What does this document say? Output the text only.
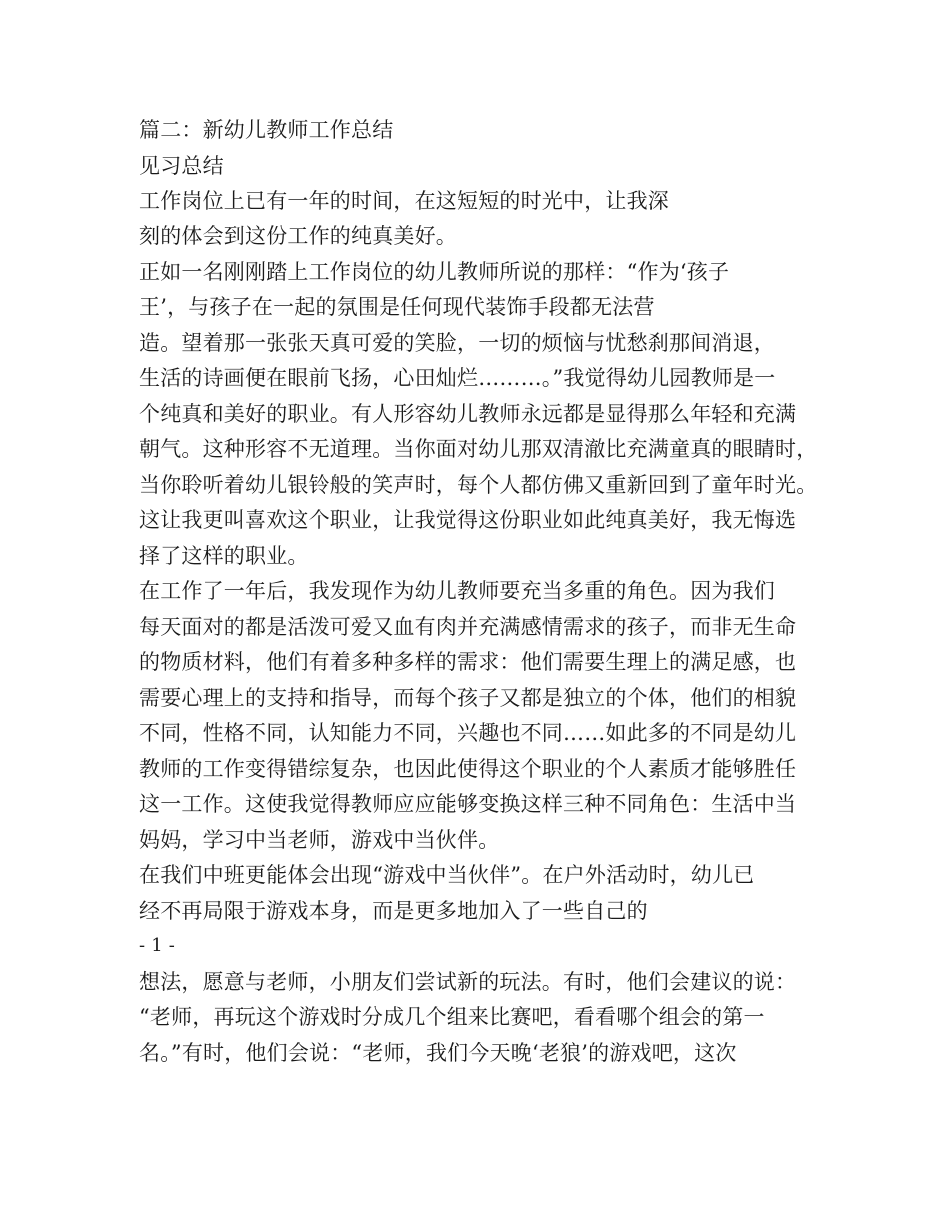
篇二：新幼儿教师工作总结
见习总结
工作岗位上已有一年的时间，在这短短的时光中，让我深
刻的体会到这份工作的纯真美好。
正如一名刚刚踏上工作岗位的幼儿教师所说的那样：“作为‘孩子
王’，与孩子在一起的氛围是任何现代装饰手段都无法营
造。望着那一张张天真可爱的笑脸，一切的烦恼与忧愁刹那间消退，
生活的诗画便在眼前飞扬，心田灿烂………。”我觉得幼儿园教师是一
个纯真和美好的职业。有人形容幼儿教师永远都是显得那么年轻和充满
朝气。这种形容不无道理。当你面对幼儿那双清澈比充满童真的眼睛时，
当你聆听着幼儿银铃般的笑声时，每个人都仿佛又重新回到了童年时光。
这让我更叫喜欢这个职业，让我觉得这份职业如此纯真美好，我无悔选
择了这样的职业。
在工作了一年后，我发现作为幼儿教师要充当多重的角色。因为我们
每天面对的都是活泼可爱又血有肉并充满感情需求的孩子，而非无生命
的物质材料，他们有着多种多样的需求：他们需要生理上的满足感，也
需要心理上的支持和指导，而每个孩子又都是独立的个体，他们的相貌
不同，性格不同，认知能力不同，兴趣也不同……如此多的不同是幼儿
教师的工作变得错综复杂，也因此使得这个职业的个人素质才能够胜任
这一工作。这使我觉得教师应应能够变换这样三种不同角色：生活中当
妈妈，学习中当老师，游戏中当伙伴。
在我们中班更能体会出现“游戏中当伙伴”。在户外活动时，幼儿已
经不再局限于游戏本身，而是更多地加入了一些自己的
- 1 -
想法，愿意与老师，小朋友们尝试新的玩法。有时，他们会建议的说：
“老师，再玩这个游戏时分成几个组来比赛吧，看看哪个组会的第一
名。”有时，他们会说：“老师，我们今天晚‘老狼’的游戏吧，这次
